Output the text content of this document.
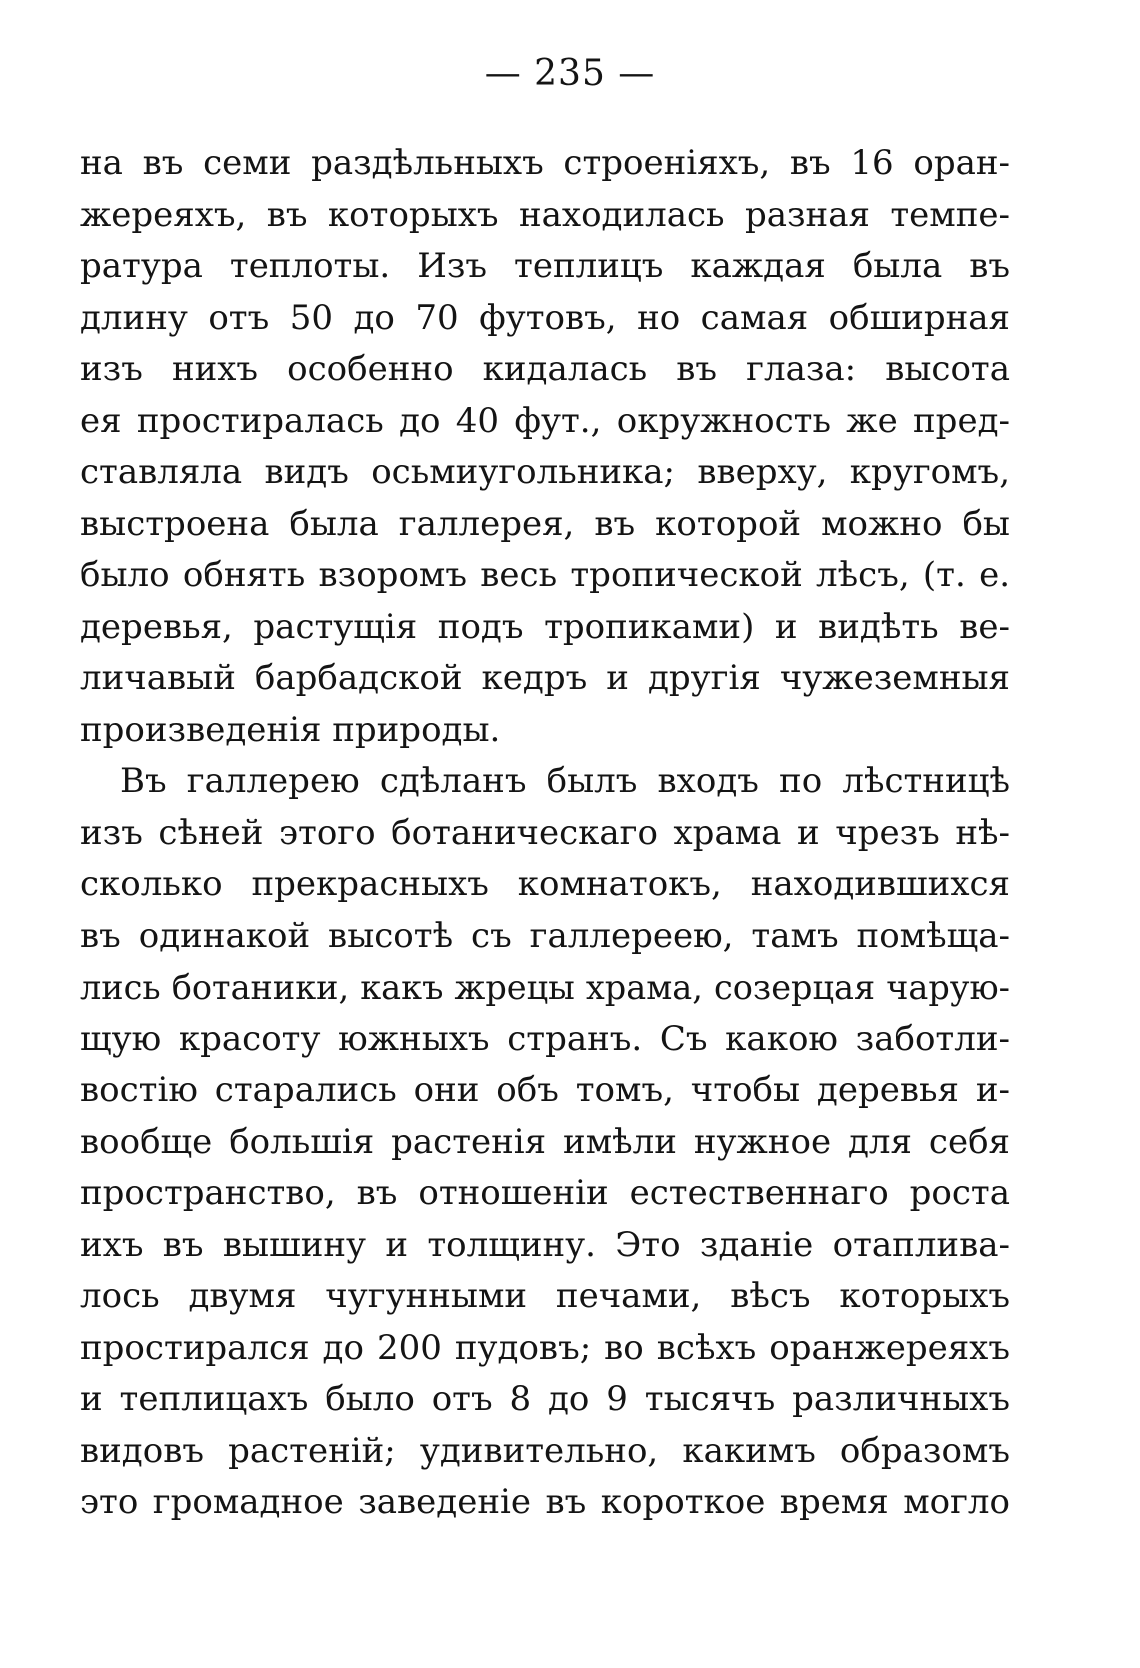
— 235 —
на въ семи раздѣльныхъ строеніяхъ, въ 16 оран-
жереяхъ, въ которыхъ находилась разная темпе-
ратура теплоты. Изъ теплицъ каждая была въ
длину отъ 50 до 70 футовъ, но самая обширная
изъ нихъ особенно кидалась въ глаза: высота
ея простиралась до 40 фут., окружность же пред-
ставляла видъ осьмиугольника; вверху, кругомъ,
выстроена была галлерея, въ которой можно бы
было обнять взоромъ весь тропической лѣсъ, (т. е.
деревья, растущія подъ тропиками) и видѣть ве-
личавый барбадской кедръ и другія чужеземныя
произведенія природы.
Въ галлерею сдѣланъ былъ входъ по лѣстницѣ
изъ сѣней этого ботаническаго храма и чрезъ нѣ-
сколько прекрасныхъ комнатокъ, находившихся
въ одинакой высотѣ съ галлереею, тамъ помѣща-
лись ботаники, какъ жрецы храма, созерцая чарую-
щую красоту южныхъ странъ. Съ какою заботли-
востію старались они объ томъ, чтобы деревья и-
вообще большія растенія имѣли нужное для себя
пространство, въ отношеніи естественнаго роста
ихъ въ вышину и толщину. Это зданіе отаплива-
лось двумя чугунными печами, вѣсъ которыхъ
простирался до 200 пудовъ; во всѣхъ оранжереяхъ
и теплицахъ было отъ 8 до 9 тысячъ различныхъ
видовъ растеній; удивительно, какимъ образомъ
это громадное заведеніе въ короткое время могло
